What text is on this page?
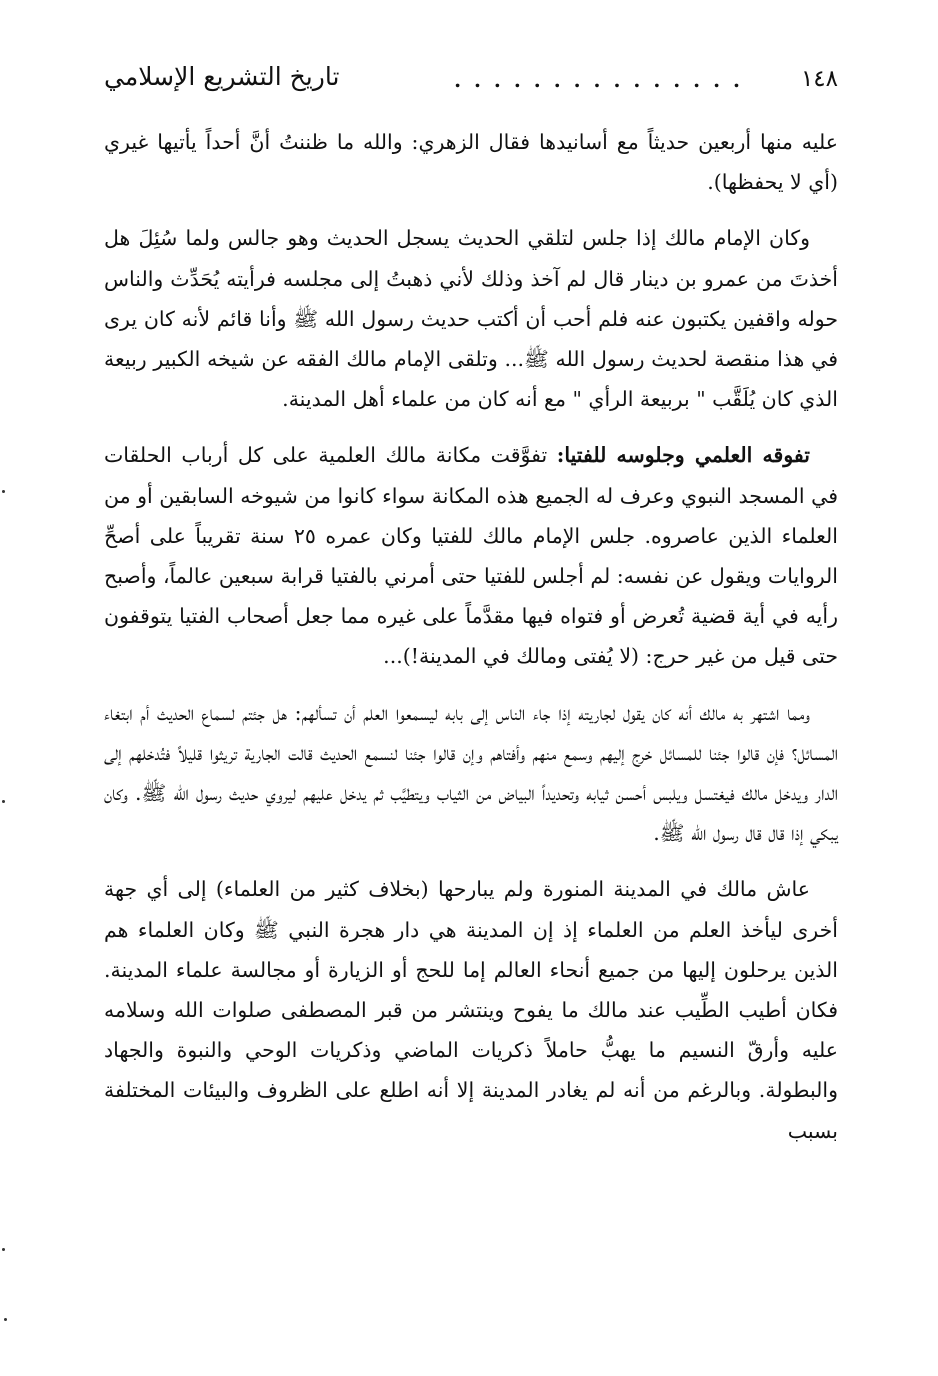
١٤٨
. . . . . . . . . . . . . . .
تاريخ التشريع الإسلامي

عليه منها أربعين حديثاً مع أسانيدها فقال الزهري: والله ما ظننتُ أنَّ أحداً يأتيها غيري (أي لا يحفظها).

وكان الإمام مالك إذا جلس لتلقي الحديث يسجل الحديث وهو جالس ولما سُئِلَ هل أخذتَ من عمرو بن دينار قال لم آخذ وذلك لأني ذهبتُ إلى مجلسه فرأيته يُحَدِّث والناس حوله واقفين يكتبون عنه فلم أحب أن أكتب حديث رسول الله ﷺ وأنا قائم لأنه كان يرى في هذا منقصة لحديث رسول الله ﷺ... وتلقى الإمام مالك الفقه عن شيخه الكبير ربيعة الذي كان يُلَقَّب " بربيعة الرأي " مع أنه كان من علماء أهل المدينة.

تفوقه العلمي وجلوسه للفتيا: تفوَّقت مكانة مالك العلمية على كل أرباب الحلقات في المسجد النبوي وعرف له الجميع هذه المكانة سواء كانوا من شيوخه السابقين أو من العلماء الذين عاصروه. جلس الإمام مالك للفتيا وكان عمره ٢٥ سنة تقريباً على أصحِّ الروايات ويقول عن نفسه: لم أجلس للفتيا حتى أمرني بالفتيا قرابة سبعين عالماً، وأصبح رأيه في أية قضية تُعرض أو فتواه فيها مقدَّماً على غيره مما جعل أصحاب الفتيا يتوقفون حتى قيل من غير حرج: (لا يُفتى ومالك في المدينة!)...

ومما اشتهر به مالك أنه كان يقول لجاريته إذا جاء الناس إلى بابه ليسمعوا العلم أن تسألهم: هل جئتم لسماع الحديث أم ابتغاء المسائل؟ فإن قالوا جئنا للمسائل خرج إليهم وسمع منهم وأفتاهم وإن قالوا جئنا لنسمع الحديث قالت الجارية تريثوا قليلاً فتُدخلهم إلى الدار ويدخل مالك فيغتسل ويلبس أحسن ثيابه وتحديداً البياض من الثياب ويتطيَّب ثم يدخل عليهم ليروي حديث رسول الله ﷺ. وكان يبكي إذا قال قال رسول الله ﷺ.

عاش مالك في المدينة المنورة ولم يبارحها (بخلاف كثير من العلماء) إلى أي جهة أخرى ليأخذ العلم من العلماء إذ إن المدينة هي دار هجرة النبي ﷺ وكان العلماء هم الذين يرحلون إليها من جميع أنحاء العالم إما للحج أو الزيارة أو مجالسة علماء المدينة. فكان أطيب الطِّيب عند مالك ما يفوح وينتشر من قبر المصطفى صلوات الله وسلامه عليه وأرقّ النسيم ما يهبُّ حاملاً ذكريات الماضي وذكريات الوحي والنبوة والجهاد والبطولة. وبالرغم من أنه لم يغادر المدينة إلا أنه اطلع على الظروف والبيئات المختلفة بسبب
